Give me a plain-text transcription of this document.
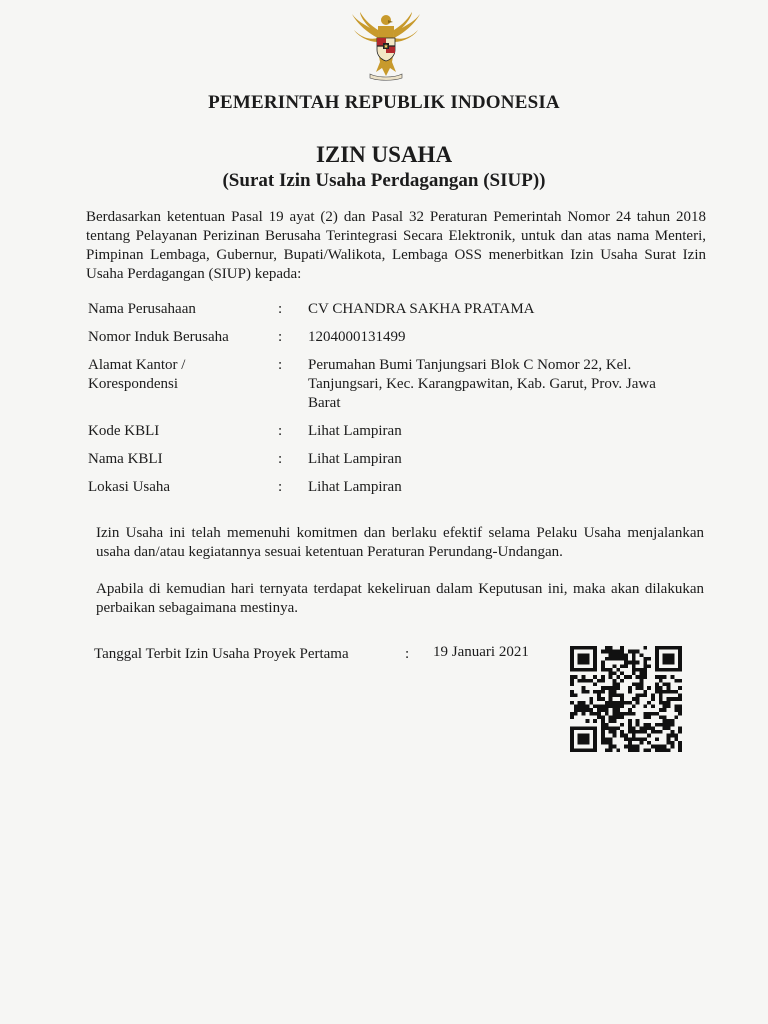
PEMERINTAH REPUBLIK INDONESIA
IZIN USAHA
(Surat Izin Usaha Perdagangan (SIUP))
Berdasarkan ketentuan Pasal 19 ayat (2) dan Pasal 32 Peraturan Pemerintah Nomor 24 tahun 2018 tentang Pelayanan Perizinan Berusaha Terintegrasi Secara Elektronik, untuk dan atas nama Menteri, Pimpinan Lembaga, Gubernur, Bupati/Walikota, Lembaga OSS menerbitkan Izin Usaha Surat Izin Usaha Perdagangan (SIUP) kepada:
Nama Perusahaan	:	CV CHANDRA SAKHA PRATAMA
Nomor Induk Berusaha	:	1204000131499

Alamat Kantor /
Korespondensi	:	Perumahan Bumi Tanjungsari Blok C Nomor 22, Kel. Tanjungsari, Kec. Karangpawitan, Kab. Garut, Prov. Jawa Barat
Kode KBLI	:	Lihat Lampiran
Nama KBLI	:	Lihat Lampiran
Lokasi Usaha	:	Lihat Lampiran
Izin Usaha ini telah memenuhi komitmen dan berlaku efektif selama Pelaku Usaha menjalankan usaha dan/atau kegiatannya sesuai ketentuan Peraturan Perundang-Undangan.
Apabila di kemudian hari ternyata terdapat kekeliruan dalam Keputusan ini, maka akan dilakukan perbaikan sebagaimana mestinya.
Tanggal Terbit Izin Usaha Proyek Pertama	: 19 Januari 2021
